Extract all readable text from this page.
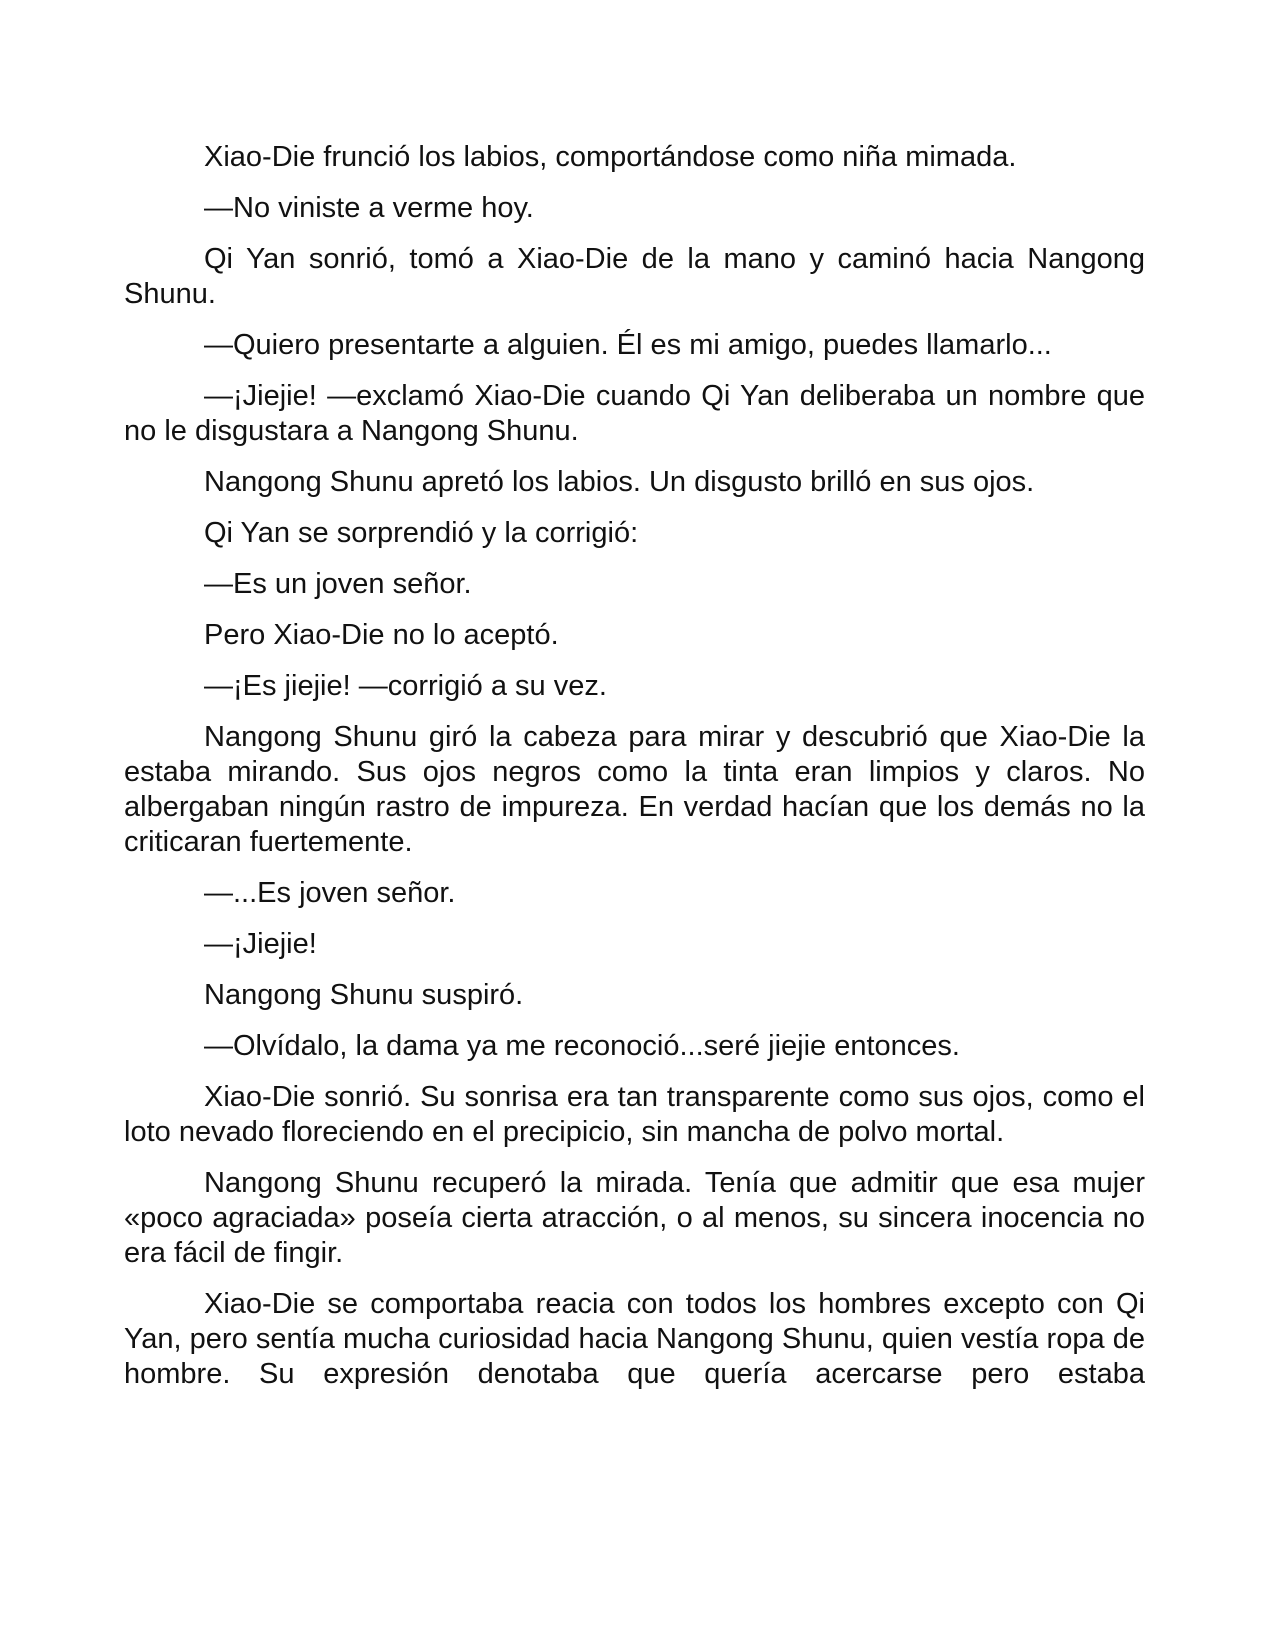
Xiao-Die frunció los labios, comportándose como niña mimada.

—No viniste a verme hoy.

Qi Yan sonrió, tomó a Xiao-Die de la mano y caminó hacia Nangong Shunu.

—Quiero presentarte a alguien. Él es mi amigo, puedes llamarlo...

—¡Jiejie! —exclamó Xiao-Die cuando Qi Yan deliberaba un nombre que no le disgustara a Nangong Shunu.

Nangong Shunu apretó los labios. Un disgusto brilló en sus ojos.

Qi Yan se sorprendió y la corrigió:

—Es un joven señor.

Pero Xiao-Die no lo aceptó.

—¡Es jiejie! —corrigió a su vez.

Nangong Shunu giró la cabeza para mirar y descubrió que Xiao-Die la estaba mirando. Sus ojos negros como la tinta eran limpios y claros. No albergaban ningún rastro de impureza. En verdad hacían que los demás no la criticaran fuertemente.

—...Es joven señor.

—¡Jiejie!

Nangong Shunu suspiró.

—Olvídalo, la dama ya me reconoció...seré jiejie entonces.

Xiao-Die sonrió. Su sonrisa era tan transparente como sus ojos, como el loto nevado floreciendo en el precipicio, sin mancha de polvo mortal.

Nangong Shunu recuperó la mirada. Tenía que admitir que esa mujer «poco agraciada» poseía cierta atracción, o al menos, su sincera inocencia no era fácil de fingir.

Xiao-Die se comportaba reacia con todos los hombres excepto con Qi Yan, pero sentía mucha curiosidad hacia Nangong Shunu, quien vestía ropa de hombre. Su expresión denotaba que quería acercarse pero estaba
